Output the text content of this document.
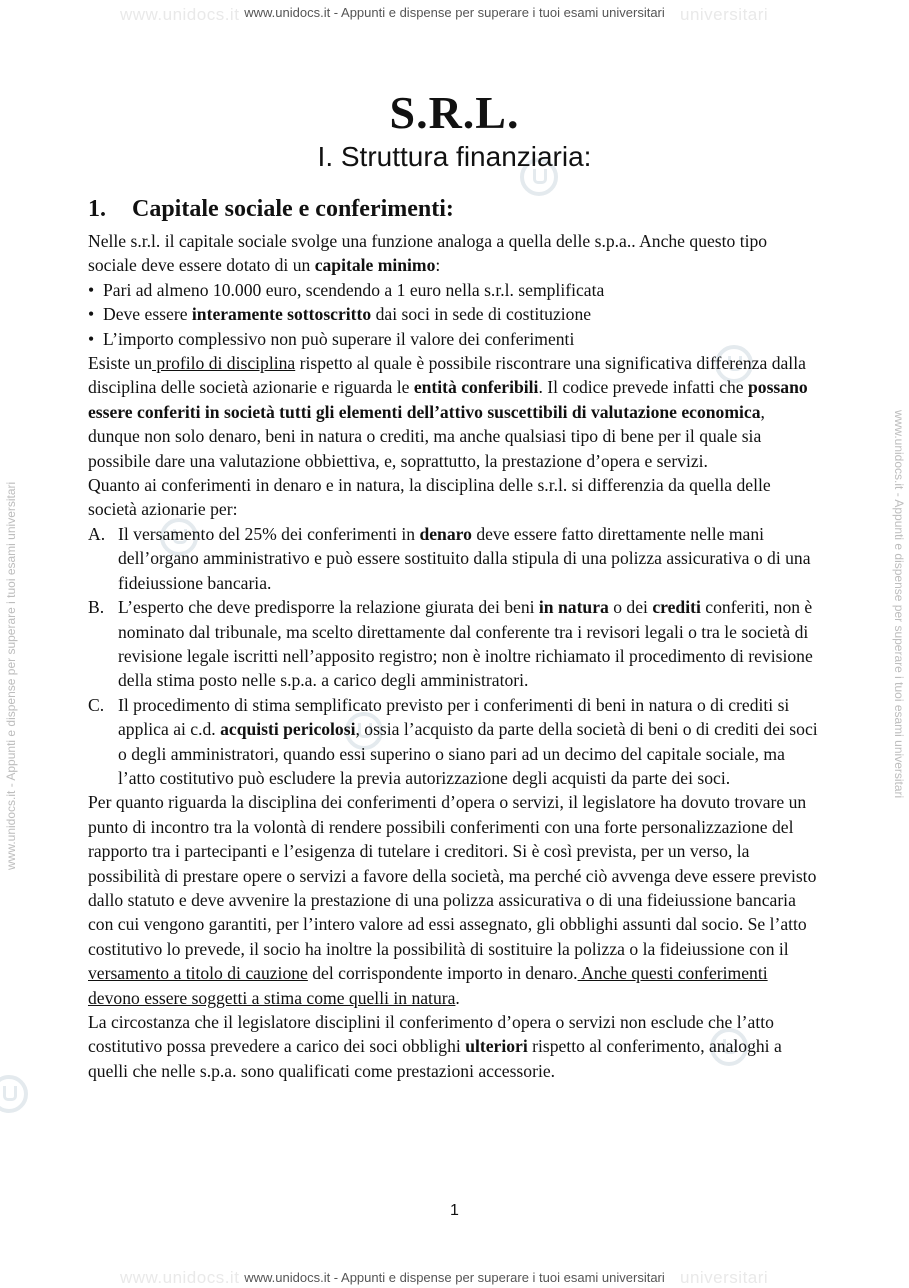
www.unidocs.it	universitari
www.unidocs.it	universitari
www.unidocs.it - Appunti e dispense per superare i tuoi esami universitari	www.unidocs.it - Appunti e dispense per superare i tuoi esami universitari
www.unidocs.it - Appunti e dispense per superare i tuoi esami universitari
S.R.L.
I. Struttura finanziaria:
1. Capitale sociale e conferimenti:

Nelle s.r.l. il capitale sociale svolge una funzione analoga a quella delle s.p.a.. Anche questo tipo sociale deve essere dotato di un capitale minimo:

• Pari ad almeno 10.000 euro, scendendo a 1 euro nella s.r.l. semplificata
• Deve essere interamente sottoscritto dai soci in sede di costituzione
• L’importo complessivo non può superare il valore dei conferimenti

Esiste un profilo di disciplina rispetto al quale è possibile riscontrare una significativa differenza dalla disciplina delle società azionarie e riguarda le entità conferibili. Il codice prevede infatti che possano essere conferiti in società tutti gli elementi dell’attivo suscettibili di valutazione economica, dunque non solo denaro, beni in natura o crediti, ma anche qualsiasi tipo di bene per il quale sia possibile dare una valutazione obbiettiva, e, soprattutto, la prestazione d’opera e servizi.

Quanto ai conferimenti in denaro e in natura, la disciplina delle s.r.l. si differenzia da quella delle società azionarie per:

A. Il versamento del 25% dei conferimenti in denaro deve essere fatto direttamente nelle mani dell’organo amministrativo e può essere sostituito dalla stipula di una polizza assicurativa o di una fideiussione bancaria.
B. L’esperto che deve predisporre la relazione giurata dei beni in natura o dei crediti conferiti, non è nominato dal tribunale, ma scelto direttamente dal conferente tra i revisori legali o tra le società di revisione legale iscritti nell’apposito registro; non è inoltre richiamato il procedimento di revisione della stima posto nelle s.p.a. a carico degli amministratori.
C. Il procedimento di stima semplificato previsto per i conferimenti di beni in natura o di crediti si applica ai c.d. acquisti pericolosi, ossia l’acquisto da parte della società di beni o di crediti dei soci o degli amministratori, quando essi superino o siano pari ad un decimo del capitale sociale, ma l’atto costitutivo può escludere la previa autorizzazione degli acquisti da parte dei soci.

Per quanto riguarda la disciplina dei conferimenti d’opera o servizi, il legislatore ha dovuto trovare un punto di incontro tra la volontà di rendere possibili conferimenti con una forte personalizzazione del rapporto tra i partecipanti e l’esigenza di tutelare i creditori. Si è così prevista, per un verso, la possibilità di prestare opere o servizi a favore della società, ma perché ciò avvenga deve essere previsto dallo statuto e deve avvenire la prestazione di una polizza assicurativa o di una fideiussione bancaria con cui vengono garantiti, per l’intero valore ad essi assegnato, gli obblighi assunti dal socio. Se l’atto costitutivo lo prevede, il socio ha inoltre la possibilità di sostituire la polizza o la fideiussione con il versamento a titolo di cauzione del corrispondente importo in denaro. Anche questi conferimenti devono essere soggetti a stima come quelli in natura.

La circostanza che il legislatore disciplini il conferimento d’opera o servizi non esclude che l’atto costitutivo possa prevedere a carico dei soci obblighi ulteriori rispetto al conferimento, analoghi a quelli che nelle s.p.a. sono qualificati come prestazioni accessorie.

1
www.unidocs.it - Appunti e dispense per superare i tuoi esami universitari
